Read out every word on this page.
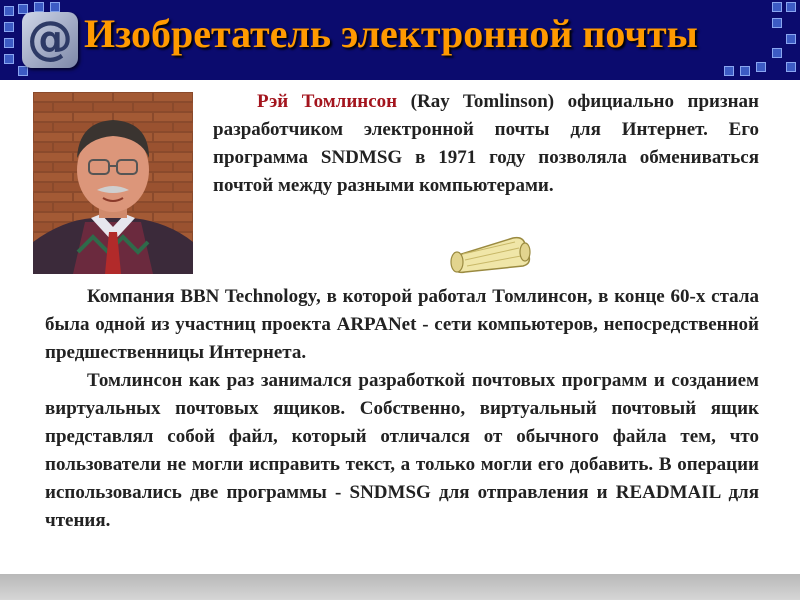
@ Изобретатель электронной почты

Рэй Томлинсон (Ray Tomlinson) официально признан разработчиком электронной почты для Интернет. Его программа SNDMSG в 1971 году позволяла обмениваться почтой между разными компьютерами.

Компания BBN Technology, в которой работал Томлинсон, в конце 60-х стала была одной из участниц проекта ARPANet - сети компьютеров, непосредственной предшественницы Интернета.

Томлинсон как раз занимался разработкой почтовых программ и созданием виртуальных почтовых ящиков. Собственно, виртуальный почтовый ящик представлял собой файл, который отличался от обычного файла тем, что пользователи не могли исправить текст, а только могли его добавить. В операции использовались две программы - SNDMSG для отправления и READMAIL для чтения.
